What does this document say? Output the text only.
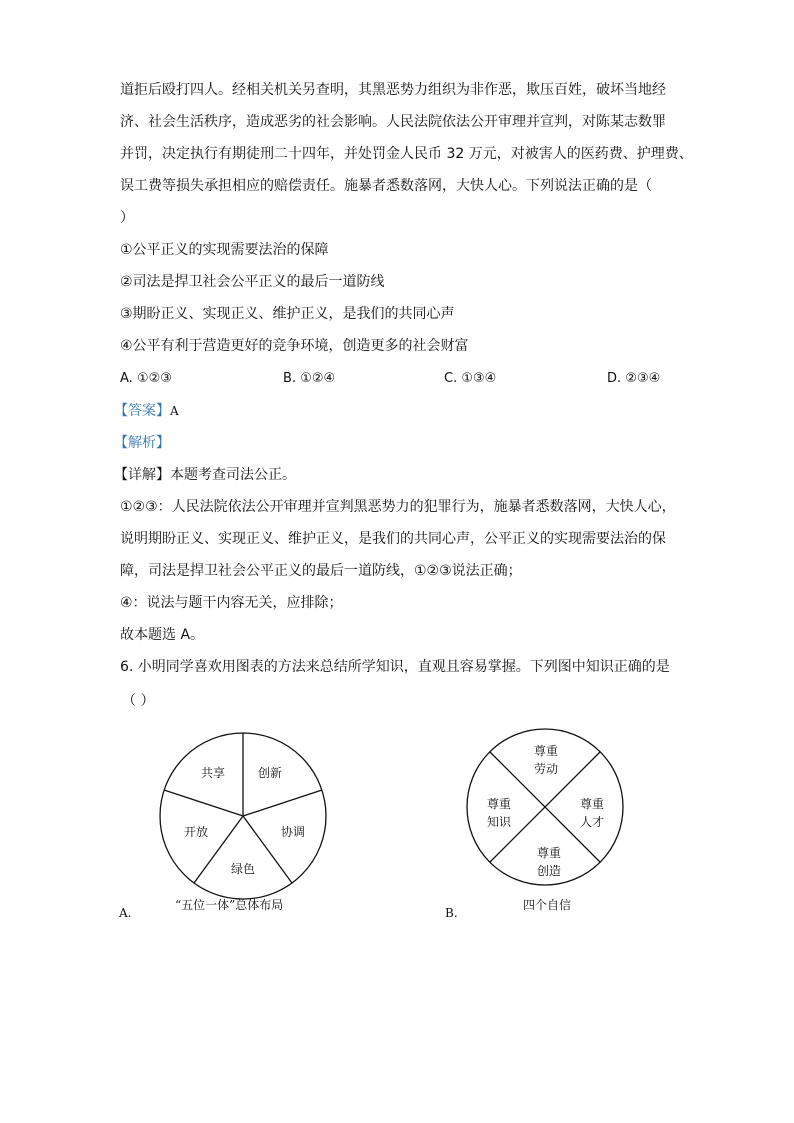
道拒后殴打四人。经相关机关另查明，其黑恶势力组织为非作恶，欺压百姓，破坏当地经
济、社会生活秩序，造成恶劣的社会影响。人民法院依法公开审理并宣判，对陈某志数罪
并罚，决定执行有期徒刑二十四年，并处罚金人民币 32 万元，对被害人的医药费、护理费、
误工费等损失承担相应的赔偿责任。施暴者悉数落网，大快人心。下列说法正确的是（
）
①公平正义的实现需要法治的保障
②司法是捍卫社会公平正义的最后一道防线
③期盼正义、实现正义、维护正义，是我们的共同心声
④公平有利于营造更好的竞争环境，创造更多的社会财富
A. ①②③	B. ①②④	C. ①③④	D. ②③④
【答案】A
【解析】
【详解】本题考查司法公正。
①②③：人民法院依法公开审理并宣判黑恶势力的犯罪行为，施暴者悉数落网，大快人心，
说明期盼正义、实现正义、维护正义，是我们的共同心声，公平正义的实现需要法治的保
障，司法是捍卫社会公平正义的最后一道防线，①②③说法正确；
④：说法与题干内容无关，应排除；
故本题选 A。
6. 小明同学喜欢用图表的方法来总结所学知识，直观且容易掌握。下列图中知识正确的是
（ ）
创新
协调
绿色
开放
共享
“五位一体”总体布局
A.
尊重
劳动
尊重
人才
尊重
创造
尊重
知识
四个自信
B.
